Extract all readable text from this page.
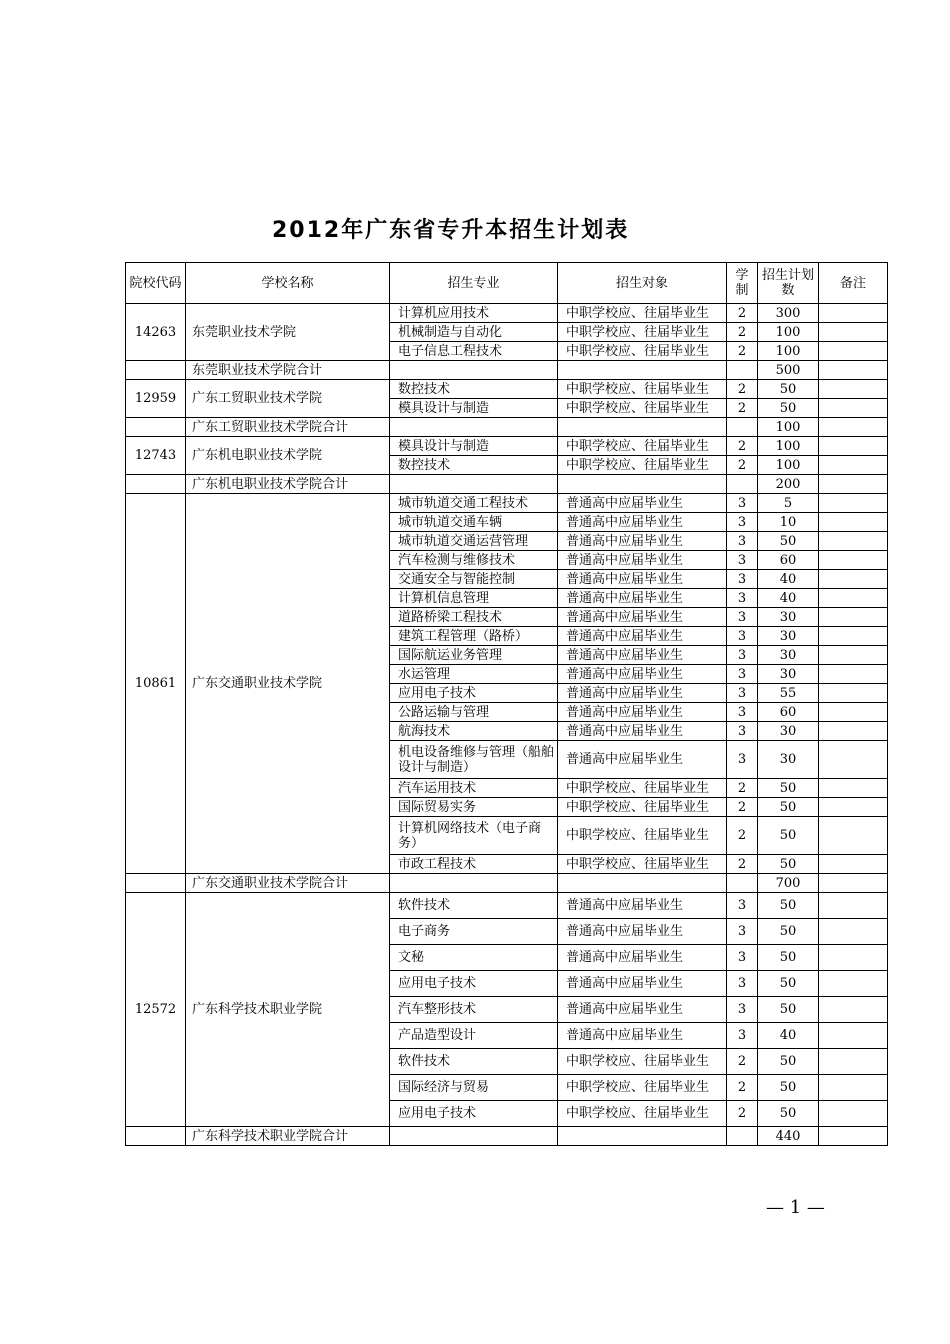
2012年广东省专升本招生计划表
院校代码	学校名称	招生专业	招生对象	学制	招生计划数	备注
14263	东莞职业技术学院	计算机应用技术	中职学校应、往届毕业生	2	300	
		机械制造与自动化	中职学校应、往届毕业生	2	100	
		电子信息工程技术	中职学校应、往届毕业生	2	100	
	东莞职业技术学院合计				500	
12959	广东工贸职业技术学院	数控技术	中职学校应、往届毕业生	2	50	
		模具设计与制造	中职学校应、往届毕业生	2	50	
	广东工贸职业技术学院合计				100	
12743	广东机电职业技术学院	模具设计与制造	中职学校应、往届毕业生	2	100	
		数控技术	中职学校应、往届毕业生	2	100	
	广东机电职业技术学院合计				200	
10861	广东交通职业技术学院	城市轨道交通工程技术	普通高中应届毕业生	3	5	
		城市轨道交通车辆	普通高中应届毕业生	3	10	
		城市轨道交通运营管理	普通高中应届毕业生	3	50	
		汽车检测与维修技术	普通高中应届毕业生	3	60	
		交通安全与智能控制	普通高中应届毕业生	3	40	
		计算机信息管理	普通高中应届毕业生	3	40	
		道路桥梁工程技术	普通高中应届毕业生	3	30	
		建筑工程管理（路桥）	普通高中应届毕业生	3	30	
		国际航运业务管理	普通高中应届毕业生	3	30	
		水运管理	普通高中应届毕业生	3	30	
		应用电子技术	普通高中应届毕业生	3	55	
		公路运输与管理	普通高中应届毕业生	3	60	
		航海技术	普通高中应届毕业生	3	30	
		机电设备维修与管理（船舶设计与制造）	普通高中应届毕业生	3	30	
		汽车运用技术	中职学校应、往届毕业生	2	50	
		国际贸易实务	中职学校应、往届毕业生	2	50	
		计算机网络技术（电子商务）	中职学校应、往届毕业生	2	50	
		市政工程技术	中职学校应、往届毕业生	2	50	
	广东交通职业技术学院合计				700	
12572	广东科学技术职业学院	软件技术	普通高中应届毕业生	3	50	
		电子商务	普通高中应届毕业生	3	50	
		文秘	普通高中应届毕业生	3	50	
		应用电子技术	普通高中应届毕业生	3	50	
		汽车整形技术	普通高中应届毕业生	3	50	
		产品造型设计	普通高中应届毕业生	3	40	
		软件技术	中职学校应、往届毕业生	2	50	
		国际经济与贸易	中职学校应、往届毕业生	2	50	
		应用电子技术	中职学校应、往届毕业生	2	50	
	广东科学技术职业学院合计				440	
— 1 —
